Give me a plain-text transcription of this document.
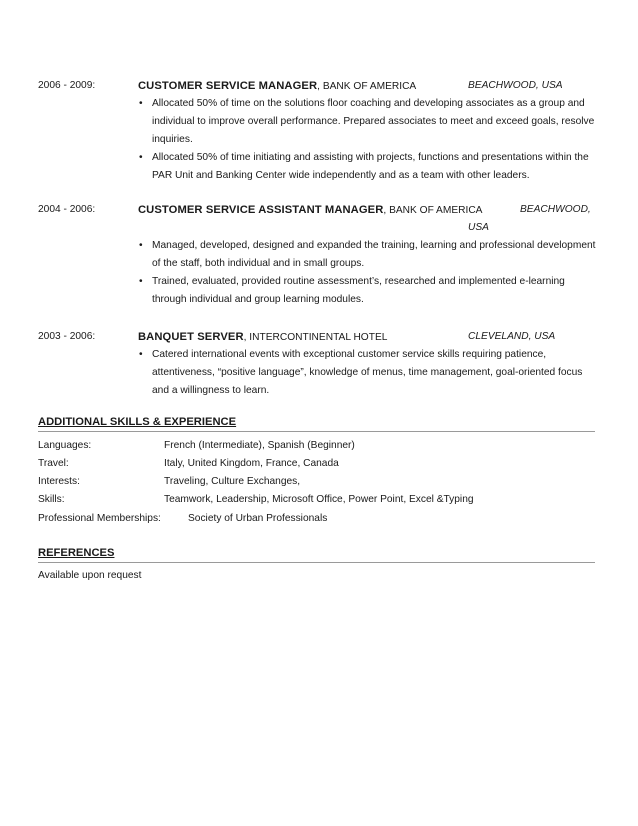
2006 - 2009:	CUSTOMER SERVICE MANAGER, BANK OF AMERICA	BEACHWOOD, USA
• Allocated 50% of time on the solutions floor coaching and developing associates as a group and individual to improve overall performance. Prepared associates to meet and exceed goals, resolve inquiries.
• Allocated 50% of time initiating and assisting with projects, functions and presentations within the PAR Unit and Banking Center wide independently and as a team with other leaders.
2004 - 2006:	CUSTOMER SERVICE ASSISTANT MANAGER, BANK OF AMERICA	BEACHWOOD, USA
• Managed, developed, designed and expanded the training, learning and professional development of the staff, both individual and in small groups.
• Trained, evaluated, provided routine assessment’s, researched and implemented e-learning through individual and group learning modules.
2003 - 2006:	BANQUET SERVER, INTERCONTINENTAL HOTEL	CLEVELAND, USA
• Catered international events with exceptional customer service skills requiring patience, attentiveness, “positive language”, knowledge of menus, time management, goal-oriented focus and a willingness to learn.
ADDITIONAL SKILLS & EXPERIENCE
Languages:	French (Intermediate), Spanish (Beginner)
Travel:	Italy, United Kingdom, France, Canada
Interests:	Traveling, Culture Exchanges,
Skills:	Teamwork, Leadership, Microsoft Office, Power Point, Excel &Typing
Professional Memberships:	Society of Urban Professionals
REFERENCES
Available upon request
